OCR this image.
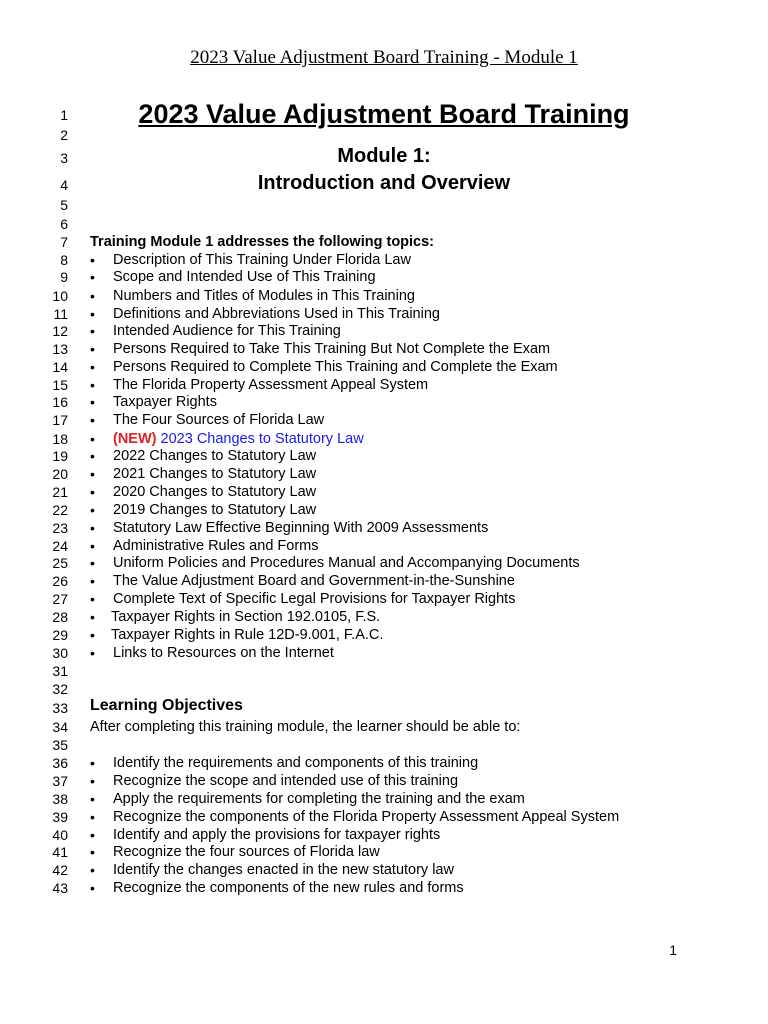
2023 Value Adjustment Board Training - Module 1
1
2
3
4
5
6
7
8
9
10
11
12
13
14
15
16
17
18
19
20
21
22
23
24
25
26
27
28
29
30
31
32
33
34
35
36
37
38
39
40
41
42
43
2023 Value Adjustment Board Training
Module 1:
Introduction and Overview
Training Module 1 addresses the following topics:
• Description of This Training Under Florida Law
• Scope and Intended Use of This Training
• Numbers and Titles of Modules in This Training
• Definitions and Abbreviations Used in This Training
• Intended Audience for This Training
• Persons Required to Take This Training But Not Complete the Exam
• Persons Required to Complete This Training and Complete the Exam
• The Florida Property Assessment Appeal System
• Taxpayer Rights
• The Four Sources of Florida Law
• (NEW) 2023 Changes to Statutory Law
• 2022 Changes to Statutory Law
• 2021 Changes to Statutory Law
• 2020 Changes to Statutory Law
• 2019 Changes to Statutory Law
• Statutory Law Effective Beginning With 2009 Assessments
• Administrative Rules and Forms
• Uniform Policies and Procedures Manual and Accompanying Documents
• The Value Adjustment Board and Government-in-the-Sunshine
• Complete Text of Specific Legal Provisions for Taxpayer Rights
• Taxpayer Rights in Section 192.0105, F.S.
• Taxpayer Rights in Rule 12D-9.001, F.A.C.
• Links to Resources on the Internet
Learning Objectives
After completing this training module, the learner should be able to:
• Identify the requirements and components of this training
• Recognize the scope and intended use of this training
• Apply the requirements for completing the training and the exam
• Recognize the components of the Florida Property Assessment Appeal System
• Identify and apply the provisions for taxpayer rights
• Recognize the four sources of Florida law
• Identify the changes enacted in the new statutory law
• Recognize the components of the new rules and forms
1
